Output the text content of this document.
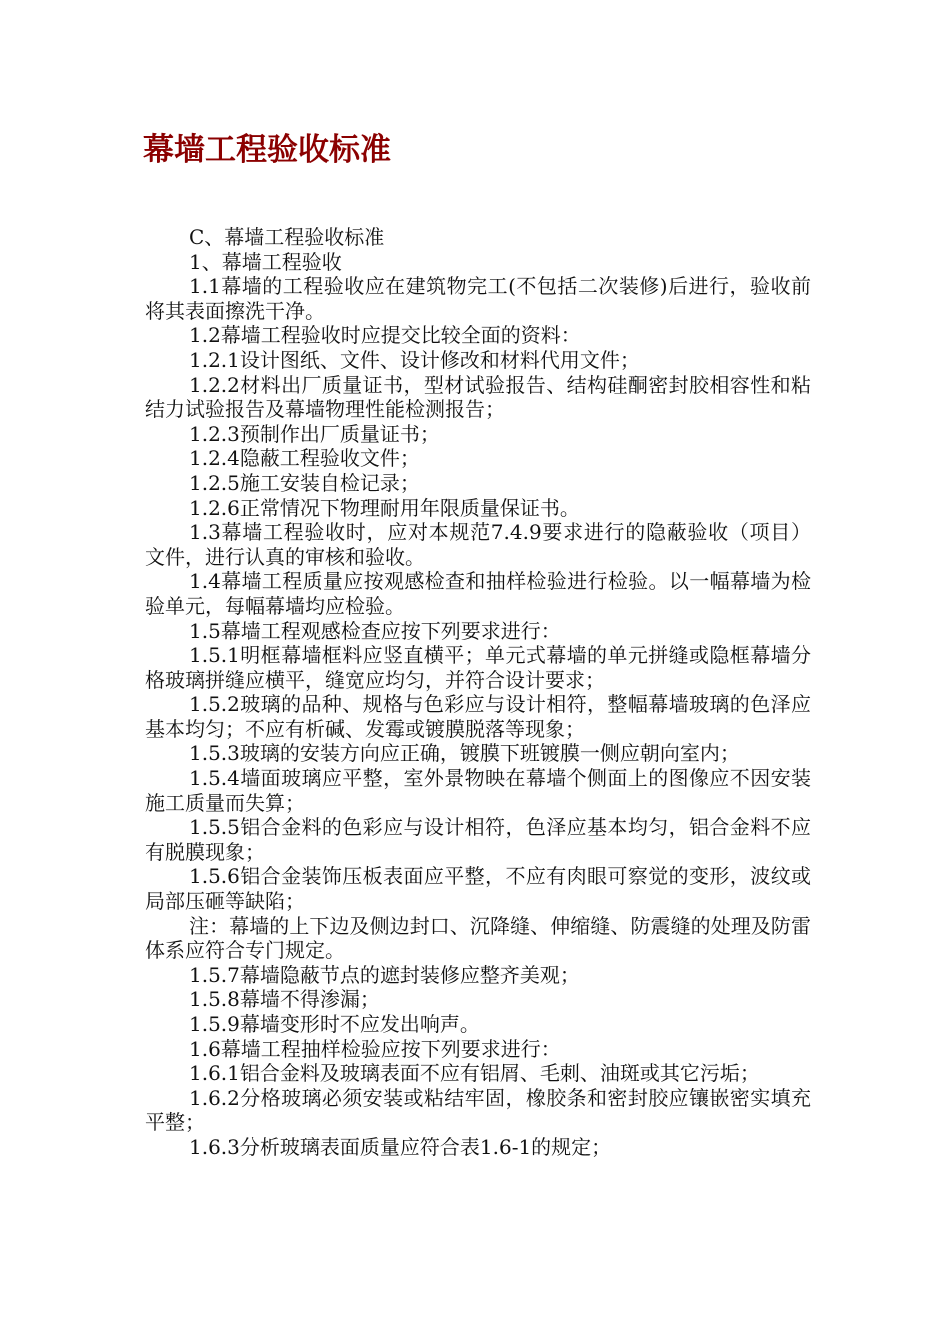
幕墙工程验收标准

C、幕墙工程验收标准

1、幕墙工程验收

1.1幕墙的工程验收应在建筑物完工(不包括二次装修)后进行，验收前将其表面擦洗干净。

1.2幕墙工程验收时应提交比较全面的资料：

1.2.1设计图纸、文件、设计修改和材料代用文件；

1.2.2材料出厂质量证书，型材试验报告、结构硅酮密封胶相容性和粘结力试验报告及幕墙物理性能检测报告；

1.2.3预制作出厂质量证书；

1.2.4隐蔽工程验收文件；

1.2.5施工安装自检记录；

1.2.6正常情况下物理耐用年限质量保证书。

1.3幕墙工程验收时，应对本规范7.4.9要求进行的隐蔽验收（项目）文件，进行认真的审核和验收。

1.4幕墙工程质量应按观感检查和抽样检验进行检验。以一幅幕墙为检验单元，每幅幕墙均应检验。

1.5幕墙工程观感检查应按下列要求进行：

1.5.1明框幕墙框料应竖直横平；单元式幕墙的单元拼缝或隐框幕墙分格玻璃拼缝应横平，缝宽应均匀，并符合设计要求；

1.5.2玻璃的品种、规格与色彩应与设计相符，整幅幕墙玻璃的色泽应基本均匀；不应有析碱、发霉或镀膜脱落等现象；

1.5.3玻璃的安装方向应正确，镀膜下班镀膜一侧应朝向室内；

1.5.4墙面玻璃应平整，室外景物映在幕墙个侧面上的图像应不因安装施工质量而失算；

1.5.5铝合金料的色彩应与设计相符，色泽应基本均匀，铝合金料不应有脱膜现象；

1.5.6铝合金装饰压板表面应平整，不应有肉眼可察觉的变形，波纹或局部压砸等缺陷；

注：幕墙的上下边及侧边封口、沉降缝、伸缩缝、防震缝的处理及防雷体系应符合专门规定。

1.5.7幕墙隐蔽节点的遮封装修应整齐美观；

1.5.8幕墙不得渗漏；

1.5.9幕墙变形时不应发出响声。

1.6幕墙工程抽样检验应按下列要求进行：

1.6.1铝合金料及玻璃表面不应有铝屑、毛刺、油斑或其它污垢；

1.6.2分格玻璃必须安装或粘结牢固，橡胶条和密封胶应镶嵌密实填充平整；

1.6.3分析玻璃表面质量应符合表1.6-1的规定；
